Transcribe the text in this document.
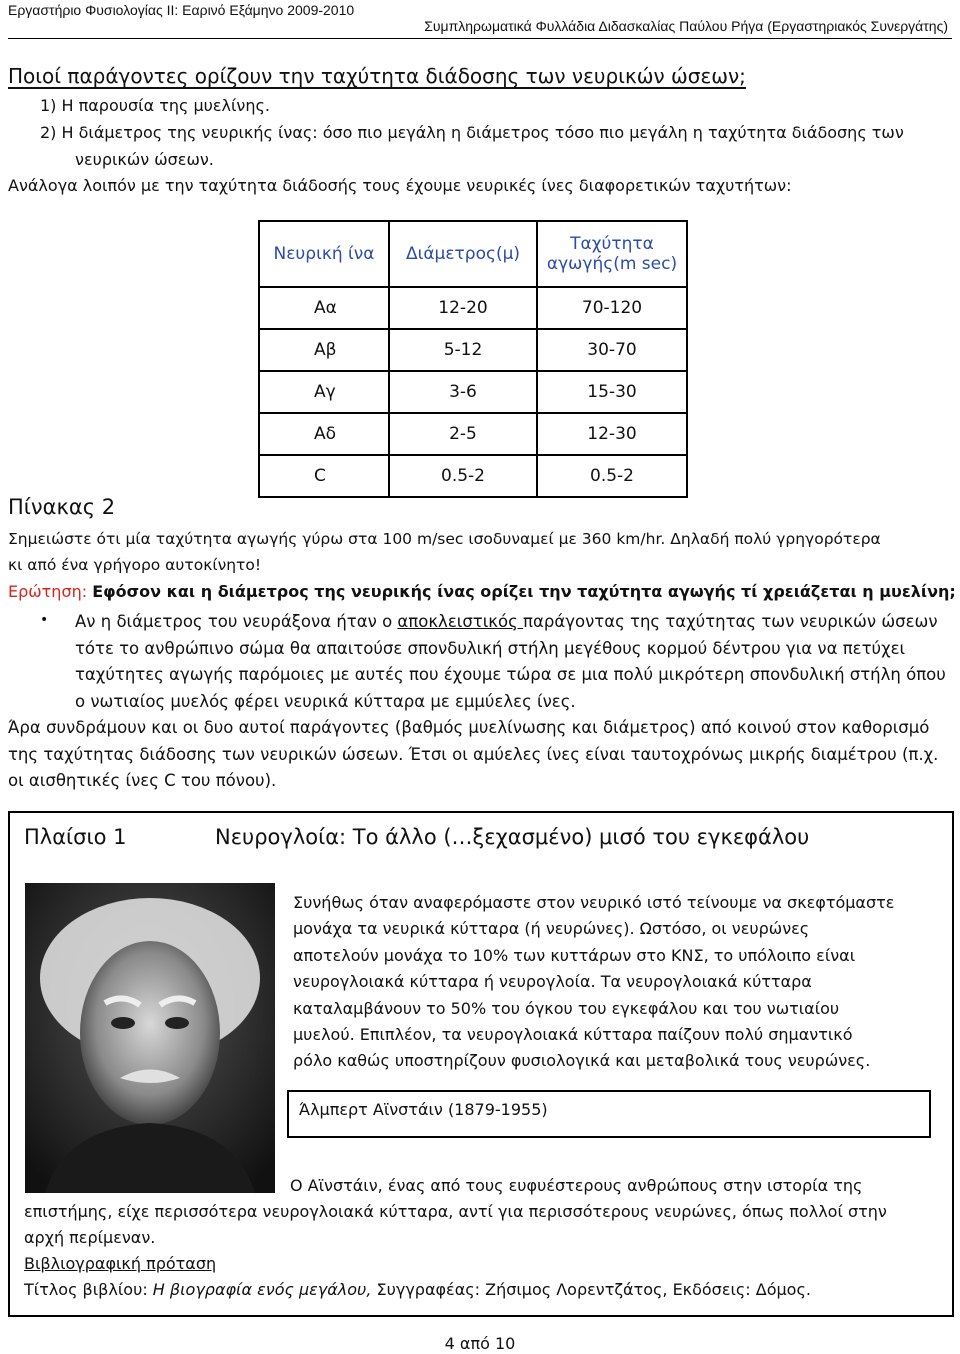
Εργαστήριο Φυσιολογίας ΙΙ: Εαρινό Εξάμηνο 2009-2010
Συμπληρωματικά Φυλλάδια Διδασκαλίας Παύλου Ρήγα (Εργαστηριακός Συνεργάτης)
Ποιοί παράγοντες ορίζουν την ταχύτητα διάδοσης των νευρικών ώσεων;
1) Η παρουσία της μυελίνης.
2) Η διάμετρος της νευρικής ίνας: όσο πιο μεγάλη η διάμετρος τόσο πιο μεγάλη η ταχύτητα διάδοσης των
νευρικών ώσεων.
Ανάλογα λοιπόν με την ταχύτητα διάδοσής τους έχουμε νευρικές ίνες διαφορετικών ταχυτήτων:
Νευρική ίνα	Διάμετρος(μ)	Ταχύτητα
αγωγής(m sec)

Αα	12-20	70-120
Αβ	5-12	30-70
Αγ	3-6	15-30
Αδ	2-5	12-30
C	0.5-2	0.5-2
Πίνακας 2
Σημειώστε ότι μία ταχύτητα αγωγής γύρω στα 100 m/sec ισοδυναμεί με 360 km/hr. Δηλαδή πολύ γρηγορότερα
κι από ένα γρήγορο αυτοκίνητο!
Ερώτηση: Εφόσον και η διάμετρος της νευρικής ίνας ορίζει την ταχύτητα αγωγής τί χρειάζεται η μυελίνη;
• Αν η διάμετρος του νευράξονα ήταν ο αποκλειστικός παράγοντας της ταχύτητας των νευρικών ώσεων
τότε το ανθρώπινο σώμα θα απαιτούσε σπονδυλική στήλη μεγέθους κορμού δέντρου για να πετύχει
ταχύτητες αγωγής παρόμοιες με αυτές που έχουμε τώρα σε μια πολύ μικρότερη σπονδυλική στήλη όπου
ο νωτιαίος μυελός φέρει νευρικά κύτταρα με εμμύελες ίνες.
Άρα συνδράμουν και οι δυο αυτοί παράγοντες (βαθμός μυελίνωσης και διάμετρος) από κοινού στον καθορισμό
της ταχύτητας διάδοσης των νευρικών ώσεων. Έτσι οι αμύελες ίνες είναι ταυτοχρόνως μικρής διαμέτρου (π.χ.
οι αισθητικές ίνες C του πόνου).
Πλαίσιο 1	Νευρογλοία: Το άλλο (…ξεχασμένο) μισό του εγκεφάλου
Συνήθως όταν αναφερόμαστε στον νευρικό ιστό τείνουμε να σκεφτόμαστε
μονάχα τα νευρικά κύτταρα (ή νευρώνες). Ωστόσο, οι νευρώνες
αποτελούν μονάχα το 10% των κυττάρων στο ΚΝΣ, το υπόλοιπο είναι
νευρογλοιακά κύτταρα ή νευρογλοία. Τα νευρογλοιακά κύτταρα
καταλαμβάνουν το 50% του όγκου του εγκεφάλου και του νωτιαίου
μυελού. Επιπλέον, τα νευρογλοιακά κύτταρα παίζουν πολύ σημαντικό
ρόλο καθώς υποστηρίζουν φυσιολογικά και μεταβολικά τους νευρώνες.
Άλμπερτ Αϊνστάιν (1879-1955)
Ο Αϊνστάιν, ένας από τους ευφυέστερους ανθρώπους στην ιστορία της
επιστήμης, είχε περισσότερα νευρογλοιακά κύτταρα, αντί για περισσότερους νευρώνες, όπως πολλοί στην
αρχή περίμεναν.
Βιβλιογραφική πρόταση
Τίτλος βιβλίου: Η βιογραφία ενός μεγάλου, Συγγραφέας: Ζήσιμος Λορεντζάτος, Εκδόσεις: Δόμος.
4 από 10
